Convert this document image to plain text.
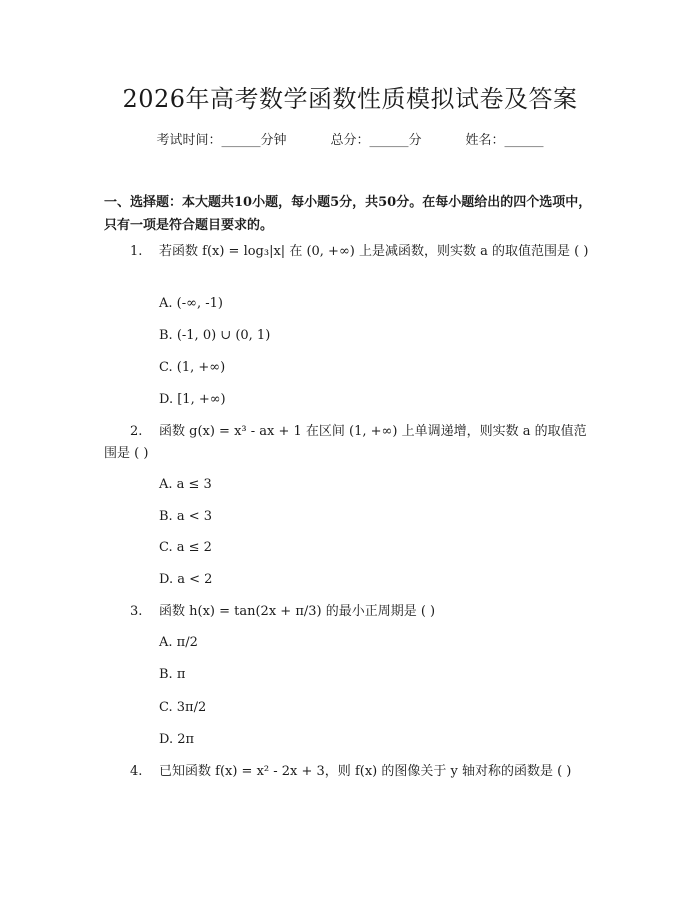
2026年高考数学函数性质模拟试卷及答案
考试时间：______分钟	总分：______分	姓名：______

一、选择题：本大题共10小题，每小题5分，共50分。在每小题给出的四个选项中，只有一项是符合题目要求的。

1. 若函数 f(x) = log₃|x| 在 (0, +∞) 上是减函数，则实数 a 的取值范围是 ( )

A. (-∞, -1)

B. (-1, 0) ∪ (0, 1)

C. (1, +∞)

D. [1, +∞)

2. 函数 g(x) = x³ - ax + 1 在区间 (1, +∞) 上单调递增，则实数 a 的取值范围是 ( )

A. a ≤ 3

B. a < 3

C. a ≤ 2

D. a < 2

3. 函数 h(x) = tan(2x + π/3) 的最小正周期是 ( )

A. π/2

B. π

C. 3π/2

D. 2π

4. 已知函数 f(x) = x² - 2x + 3，则 f(x) 的图像关于 y 轴对称的函数是 ( )
